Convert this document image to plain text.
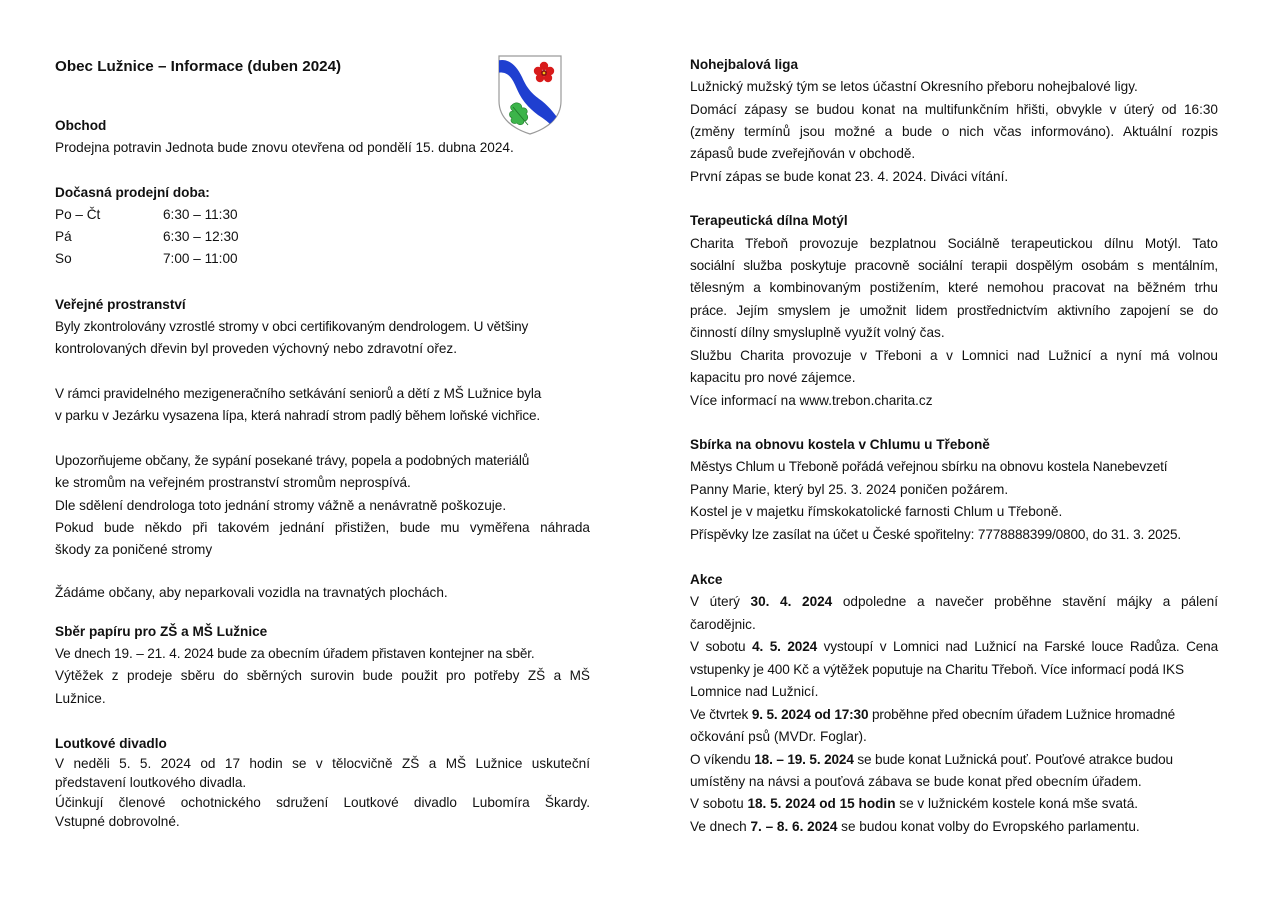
Obec Lužnice – Informace (duben 2024)
Obchod
Prodejna potravin Jednota bude znovu otevřena od pondělí 15. dubna 2024.
Dočasná prodejní doba:
Po – Čt	6:30 – 11:30
Pá	6:30 – 12:30
So	7:00 – 11:00
Veřejné prostranství
Byly zkontrolovány vzrostlé stromy v obci certifikovaným dendrologem. U většiny
kontrolovaných dřevin byl proveden výchovný nebo zdravotní ořez.
V rámci pravidelného mezigeneračního setkávání seniorů a dětí z MŠ Lužnice byla
v parku v Jezárku vysazena lípa, která nahradí strom padlý během loňské vichřice.
Upozorňujeme občany, že sypání posekané trávy, popela a podobných materiálů
ke stromům na veřejném prostranství stromům neprospívá.
Dle sdělení dendrologa toto jednání stromy vážně a nenávratně poškozuje.
Pokud bude někdo při takovém jednání přistižen, bude mu vyměřena náhrada
škody za poničené stromy
Žádáme občany, aby neparkovali vozidla na travnatých plochách.
Sběr papíru pro ZŠ a MŠ Lužnice
Ve dnech 19. – 21. 4. 2024 bude za obecním úřadem přistaven kontejner na sběr.
Výtěžek z prodeje sběru do sběrných surovin bude použit pro potřeby ZŠ a MŠ
Lužnice.
Loutkové divadlo
V neděli 5. 5. 2024 od 17 hodin se v tělocvičně ZŠ a MŠ Lužnice uskuteční
představení loutkového divadla.
Účinkují členové ochotnického sdružení Loutkové divadlo Lubomíra Škardy.
Vstupné dobrovolné.
Nohejbalová liga
Lužnický mužský tým se letos účastní Okresního přeboru nohejbalové ligy.
Domácí zápasy se budou konat na multifunkčním hřišti, obvykle v úterý od 16:30
(změny termínů jsou možné a bude o nich včas informováno). Aktuální rozpis
zápasů bude zveřejňován v obchodě.
První zápas se bude konat 23. 4. 2024. Diváci vítání.
Terapeutická dílna Motýl
Charita Třeboň provozuje bezplatnou Sociálně terapeutickou dílnu Motýl. Tato
sociální služba poskytuje pracovně sociální terapii dospělým osobám s mentálním,
tělesným a kombinovaným postižením, které nemohou pracovat na běžném trhu
práce. Jejím smyslem je umožnit lidem prostřednictvím aktivního zapojení se do
činností dílny smysluplně využít volný čas.
Službu Charita provozuje v Třeboni a v Lomnici nad Lužnicí a nyní má volnou
kapacitu pro nové zájemce.
Více informací na www.trebon.charita.cz
Sbírka na obnovu kostela v Chlumu u Třeboně
Městys Chlum u Třeboně pořádá veřejnou sbírku na obnovu kostela Nanebevzetí
Panny Marie, který byl 25. 3. 2024 poničen požárem.
Kostel je v majetku římskokatolické farnosti Chlum u Třeboně.
Příspěvky lze zasílat na účet u České spořitelny: 7778888399/0800, do 31. 3. 2025.
Akce
V úterý 30. 4. 2024 odpoledne a navečer proběhne stavění májky a pálení
čarodějnic.
V sobotu 4. 5. 2024 vystoupí v Lomnici nad Lužnicí na Farské louce Radůza. Cena
vstupenky je 400 Kč a výtěžek poputuje na Charitu Třeboň. Více informací podá IKS
Lomnice nad Lužnicí.
Ve čtvrtek 9. 5. 2024 od 17:30 proběhne před obecním úřadem Lužnice hromadné
očkování psů (MVDr. Foglar).
O víkendu 18. – 19. 5. 2024 se bude konat Lužnická pouť. Pouťové atrakce budou
umístěny na návsi a pouťová zábava se bude konat před obecním úřadem.
V sobotu 18. 5. 2024 od 15 hodin se v lužnickém kostele koná mše svatá.
Ve dnech 7. – 8. 6. 2024 se budou konat volby do Evropského parlamentu.
